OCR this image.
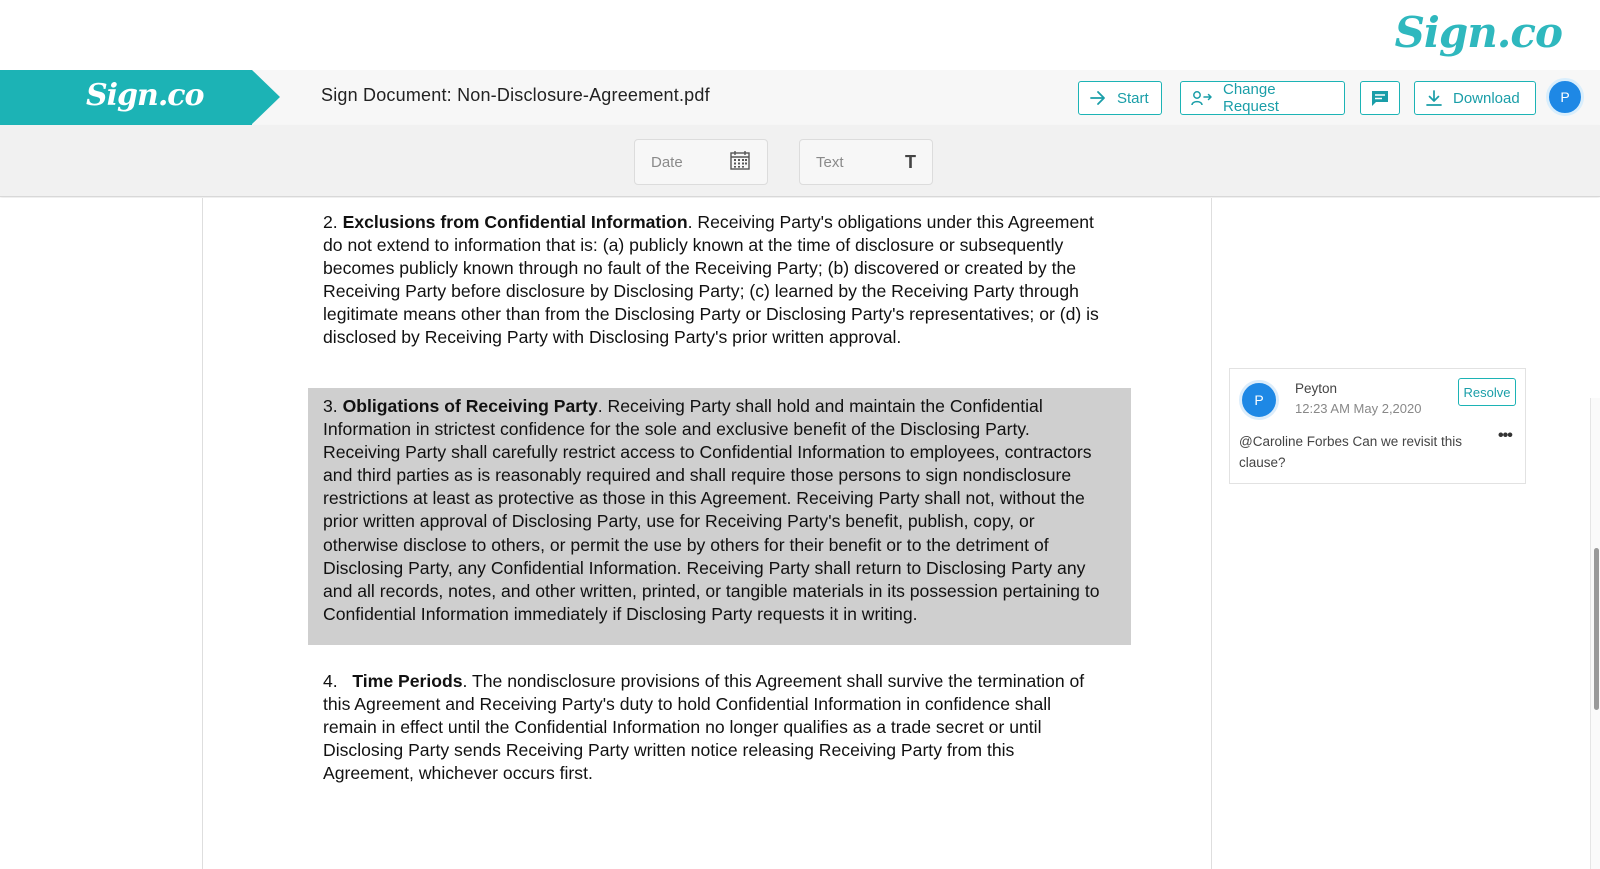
Sign.co
Sign.co	Sign Document: Non-Disclosure-Agreement.pdf	Start	Change Request	Download	P
Date	Text	T

2. Exclusions from Confidential Information. Receiving Party's obligations under this Agreement do not extend to information that is: (a) publicly known at the time of disclosure or subsequently becomes publicly known through no fault of the Receiving Party; (b) discovered or created by the Receiving Party before disclosure by Disclosing Party; (c) learned by the Receiving Party through legitimate means other than from the Disclosing Party or Disclosing Party's representatives; or (d) is disclosed by Receiving Party with Disclosing Party's prior written approval.

3. Obligations of Receiving Party. Receiving Party shall hold and maintain the Confidential Information in strictest confidence for the sole and exclusive benefit of the Disclosing Party. Receiving Party shall carefully restrict access to Confidential Information to employees, contractors and third parties as is reasonably required and shall require those persons to sign nondisclosure restrictions at least as protective as those in this Agreement. Receiving Party shall not, without the prior written approval of Disclosing Party, use for Receiving Party's benefit, publish, copy, or otherwise disclose to others, or permit the use by others for their benefit or to the detriment of Disclosing Party, any Confidential Information. Receiving Party shall return to Disclosing Party any and all records, notes, and other written, printed, or tangible materials in its possession pertaining to Confidential Information immediately if Disclosing Party requests it in writing.

4. Time Periods. The nondisclosure provisions of this Agreement shall survive the termination of this Agreement and Receiving Party's duty to hold Confidential Information in confidence shall remain in effect until the Confidential Information no longer qualifies as a trade secret or until Disclosing Party sends Receiving Party written notice releasing Receiving Party from this Agreement, whichever occurs first.

P
Peyton
12:23 AM May 2,2020
Resolve
@Caroline Forbes Can we revisit this clause?
•••
